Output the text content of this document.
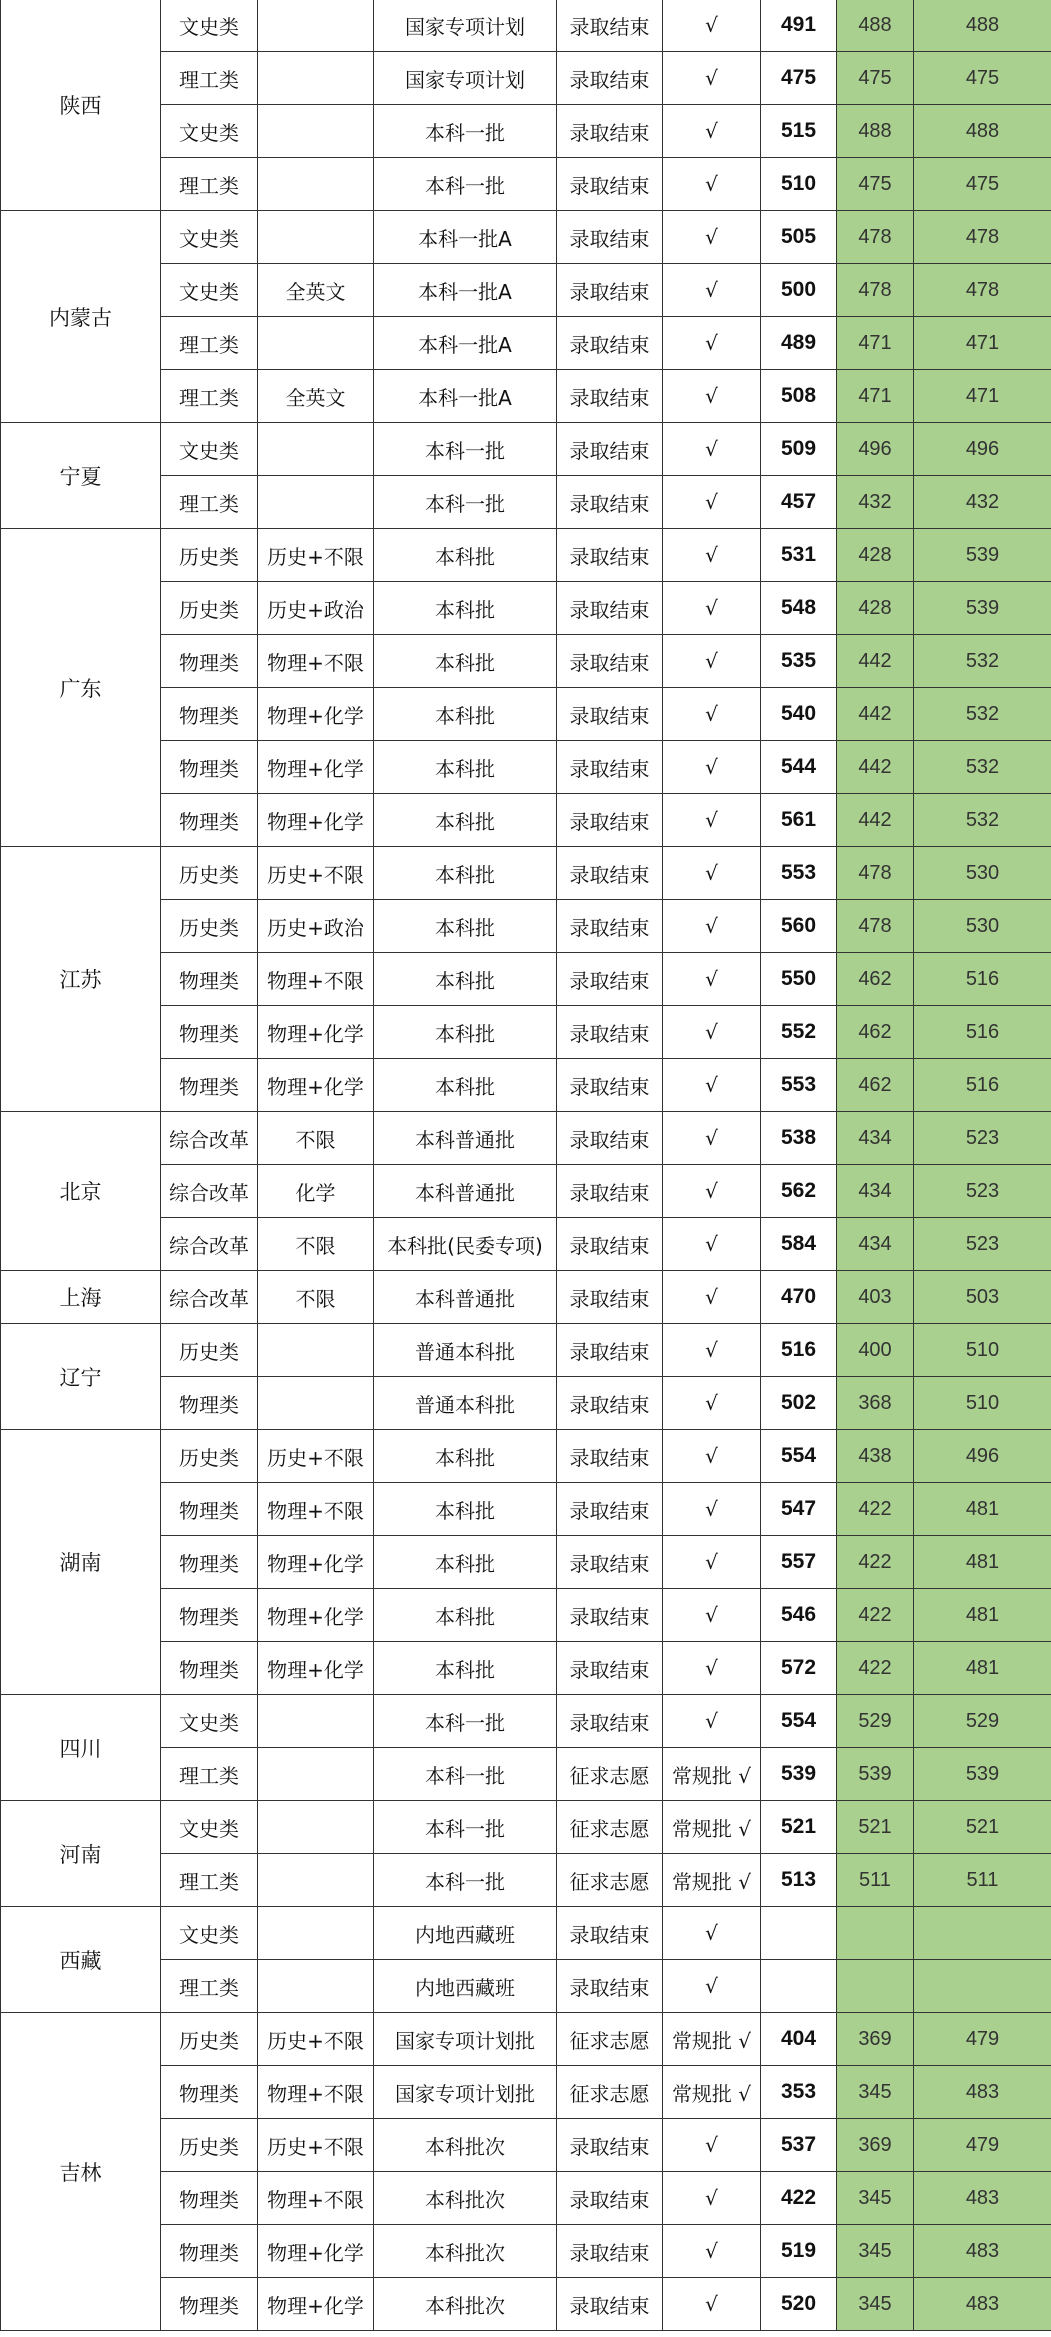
陕西	文史类		国家专项计划	录取结束	√	491	488	488
	理工类		国家专项计划	录取结束	√	475	475	475
	文史类		本科一批	录取结束	√	515	488	488
	理工类		本科一批	录取结束	√	510	475	475
内蒙古	文史类		本科一批A	录取结束	√	505	478	478
	文史类	全英文	本科一批A	录取结束	√	500	478	478
	理工类		本科一批A	录取结束	√	489	471	471
	理工类	全英文	本科一批A	录取结束	√	508	471	471
宁夏	文史类		本科一批	录取结束	√	509	496	496
	理工类		本科一批	录取结束	√	457	432	432
广东	历史类	历史+不限	本科批	录取结束	√	531	428	539
	历史类	历史+政治	本科批	录取结束	√	548	428	539
	物理类	物理+不限	本科批	录取结束	√	535	442	532
	物理类	物理+化学	本科批	录取结束	√	540	442	532
	物理类	物理+化学	本科批	录取结束	√	544	442	532
	物理类	物理+化学	本科批	录取结束	√	561	442	532
江苏	历史类	历史+不限	本科批	录取结束	√	553	478	530
	历史类	历史+政治	本科批	录取结束	√	560	478	530
	物理类	物理+不限	本科批	录取结束	√	550	462	516
	物理类	物理+化学	本科批	录取结束	√	552	462	516
	物理类	物理+化学	本科批	录取结束	√	553	462	516
北京	综合改革	不限	本科普通批	录取结束	√	538	434	523
	综合改革	化学	本科普通批	录取结束	√	562	434	523
	综合改革	不限	本科批(民委专项)	录取结束	√	584	434	523
上海	综合改革	不限	本科普通批	录取结束	√	470	403	503
辽宁	历史类		普通本科批	录取结束	√	516	400	510
	物理类		普通本科批	录取结束	√	502	368	510
湖南	历史类	历史+不限	本科批	录取结束	√	554	438	496
	物理类	物理+不限	本科批	录取结束	√	547	422	481
	物理类	物理+化学	本科批	录取结束	√	557	422	481
	物理类	物理+化学	本科批	录取结束	√	546	422	481
	物理类	物理+化学	本科批	录取结束	√	572	422	481
四川	文史类		本科一批	录取结束	√	554	529	529
	理工类		本科一批	征求志愿	常规批 √	539	539	539
河南	文史类		本科一批	征求志愿	常规批 √	521	521	521
	理工类		本科一批	征求志愿	常规批 √	513	511	511
西藏	文史类		内地西藏班	录取结束	√			
	理工类		内地西藏班	录取结束	√			
吉林	历史类	历史+不限	国家专项计划批	征求志愿	常规批 √	404	369	479
	物理类	物理+不限	国家专项计划批	征求志愿	常规批 √	353	345	483
	历史类	历史+不限	本科批次	录取结束	√	537	369	479
	物理类	物理+不限	本科批次	录取结束	√	422	345	483
	物理类	物理+化学	本科批次	录取结束	√	519	345	483
	物理类	物理+化学	本科批次	录取结束	√	520	345	483
